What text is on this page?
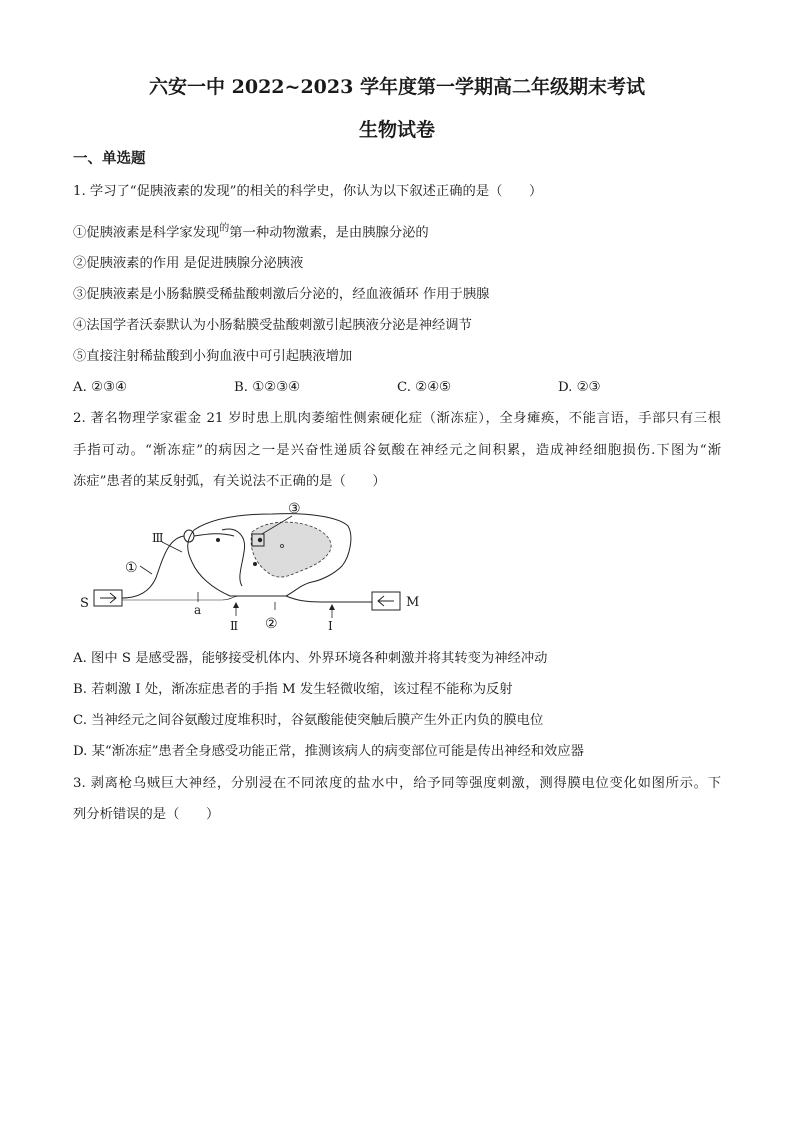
六安一中 2022~2023 学年度第一学期高二年级期末考试
生物试卷
一、单选题
1. 学习了“促胰液素的发现”的相关的科学史，你认为以下叙述正确的是（　　）
①促胰液素是科学家发现$^的$第一种动物激素，是由胰腺分泌的
②促胰液素的作用 是促进胰腺分泌胰液
③促胰液素是小肠黏膜受稀盐酸刺激后分泌的，经血液循环 作用于胰腺
④法国学者沃泰默认为小肠黏膜受盐酸刺激引起胰液分泌是神经调节
⑤直接注射稀盐酸到小狗血液中可引起胰液增加
A. ②③④	B. ①②③④	C. ②④⑤	D. ②③
2. 著名物理学家霍金 21 岁时患上肌肉萎缩性侧索硬化症（渐冻症），全身瘫痪，不能言语，手部只有三根
手指可动。“渐冻症”的病因之一是兴奋性递质谷氨酸在神经元之间积累，造成神经细胞损伤.下图为“渐
冻症”患者的某反射弧，有关说法不正确的是（　　）
S
①
Ⅲ
③
M
a
Ⅱ ②	Ⅰ
A. 图中 S 是感受器，能够接受机体内、外界环境各种刺激并将其转变为神经冲动
B. 若刺激 I 处，渐冻症患者的手指 M 发生轻微收缩，该过程不能称为反射
C. 当神经元之间谷氨酸过度堆积时，谷氨酸能使突触后膜产生外正内负的膜电位
D. 某“渐冻症”患者全身感受功能正常，推测该病人的病变部位可能是传出神经和效应器
3. 剥离枪乌贼巨大神经，分别浸在不同浓度的盐水中，给予同等强度刺激，测得膜电位变化如图所示。下
列分析错误的是（　　）
